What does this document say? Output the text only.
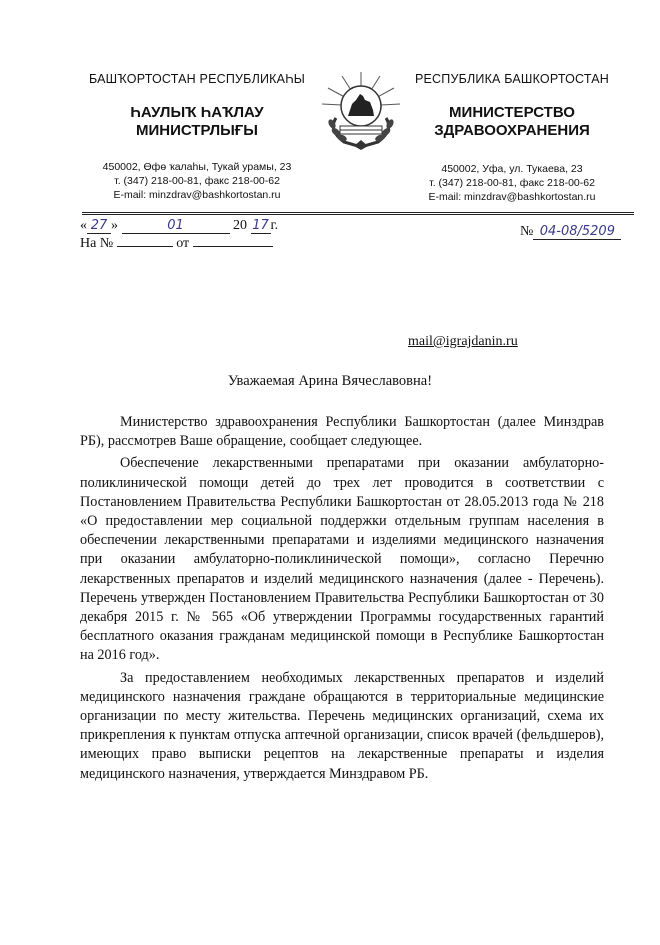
БАШҠОРТОСТАН РЕСПУБЛИКАҺЫ
ҺАУЛЫҠ ҺАҠЛАУ
МИНИСТРЛЫҒЫ
450002, Өфө ҡалаһы, Тукай урамы, 23
т. (347) 218-00-81, факс 218-00-62
E-mail: minzdrav@bashkortostan.ru
РЕСПУБЛИКА БАШКОРТОСТАН
МИНИСТЕРСТВО
ЗДРАВООХРАНЕНИЯ
450002, Уфа, ул. Тукаева, 23
т. (347) 218-00-81, факс 218-00-62
E-mail: minzdrav@bashkortostan.ru
« 27 »	01	20 17 г.
На №	от
№ 04-08/5209
mail@igrajdanin.ru
Уважаемая Арина Вячеславовна!

Министерство здравоохранения Республики Башкортостан (далее Минздрав РБ), рассмотрев Ваше обращение, сообщает следующее.

Обеспечение лекарственными препаратами при оказании амбулаторно-поликлинической помощи детей до трех лет проводится в соответствии с Постановлением Правительства Республики Башкортостан от 28.05.2013 года № 218 «О предоставлении мер социальной поддержки отдельным группам населения в обеспечении лекарственными препаратами и изделиями медицинского назначения при оказании амбулаторно-поликлинической помощи», согласно Перечню лекарственных препаратов и изделий медицинского назначения (далее - Перечень). Перечень утвержден Постановлением Правительства Республики Башкортостан от 30 декабря 2015 г. № 565 «Об утверждении Программы государственных гарантий бесплатного оказания гражданам медицинской помощи в Республике Башкортостан на 2016 год».

За предоставлением необходимых лекарственных препаратов и изделий медицинского назначения граждане обращаются в территориальные медицинские организации по месту жительства. Перечень медицинских организаций, схема их прикрепления к пунктам отпуска аптечной организации, список врачей (фельдшеров), имеющих право выписки рецептов на лекарственные препараты и изделия медицинского назначения, утверждается Минздравом РБ.
